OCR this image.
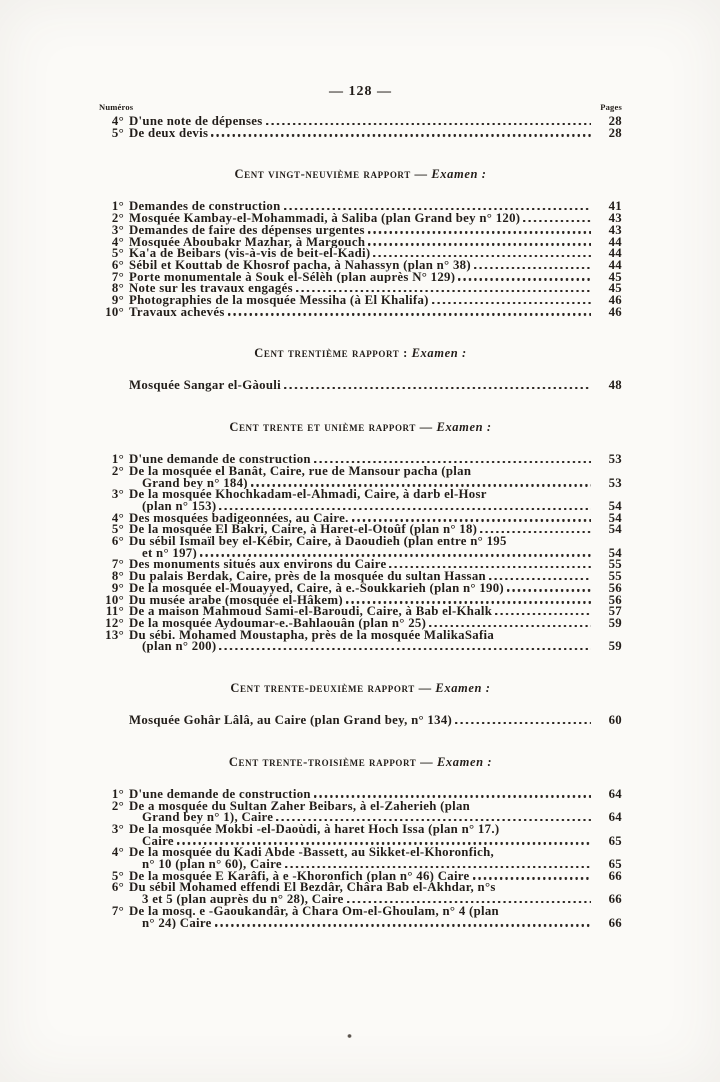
— 128 —
Numéros	Pages
4° D'une note de dépenses	28
5° De deux devis	28
Cent vingt-neuvième rapport — Examen :
1° Demandes de construction	41
2° Mosquée Kambay-el-Mohammadi, à Saliba (plan Grand bey n° 120)	43
3° Demandes de faire des dépenses urgentes	43
4° Mosquée Aboubakr Mazhar, à Margouch	44
5° Ka'a de Beibars (vis-à-vis de beit-el-Kadi)	44
6° Sébil et Kouttab de Khosrof pacha, à Nahassyn (plan n° 38)	44
7° Porte monumentale à Souk el-Sélèh (plan auprès N° 129)	45
8° Note sur les travaux engagés	45
9° Photographies de la mosquée Messiha (à El Khalifa)	46
10° Travaux achevés	46
Cent trentième rapport : Examen :
Mosquée Sangar el-Gàouli	48
Cent trente et unième rapport — Examen :
1° D'une demande de construction	53
2° De la mosquée el Banât, Caire, rue de Mansour pacha (plan
Grand bey n° 184)	53
3° De la mosquée Khochkadam-el-Ahmadi, Caire, à darb el-Hosr
(plan n° 153)	54
4° Des mosquées badigeonnées, au Caire.	54
5° De la mosquée El Bakri, Caire, à Haret-el-Otoûf (plan n° 18)	54
6° Du sébil Ismaïl bey el-Kébir, Caire, à Daoudieh (plan entre n° 195
et n° 197)	54
7° Des monuments situés aux environs du Caire	55
8° Du palais Berdak, Caire, près de la mosquée du sultan Hassan	55
9° De la mosquée el-Mouayyed, Caire, à e.-Soukkarieh (plan n° 190)	56
10° Du musée arabe (mosquée el-Hâkem)	56
11° De a maison Mahmoud Sami-el-Baroudi, Caire, à Bab el-Khalk	57
12° De la mosquée Aydoumar-e.-Bahlaouân (plan n° 25)	59
13° Du sébi. Mohamed Moustapha, près de la mosquée MalikaSafia
(plan n° 200)	59
Cent trente-deuxième rapport — Examen :
Mosquée Gohâr Lâlâ, au Caire (plan Grand bey, n° 134)	60
Cent trente-troisième rapport — Examen :
1° D'une demande de construction	64
2° De a mosquée du Sultan Zaher Beibars, à el-Zaherieh (plan
Grand bey n° 1), Caire	64
3° De la mosquée Mokbi -el-Daoùdi, à haret Hoch Issa (plan n° 17.)
Caire	65
4° De la mosquée du Kadi Abde -Bassett, au Sikket-el-Khoronfich,
n° 10 (plan n° 60), Caire	65
5° De la mosquée E Karâfi, à e -Khoronfich (plan n° 46) Caire	66
6° Du sébil Mohamed effendi El Bezdâr, Châra Bab el-Akhdar, n°s
3 et 5 (plan auprès du n° 28), Caire	66
7° De la mosq. e -Gaoukandâr, à Chara Om-el-Ghoulam, n° 4 (plan
n° 24) Caire	66
